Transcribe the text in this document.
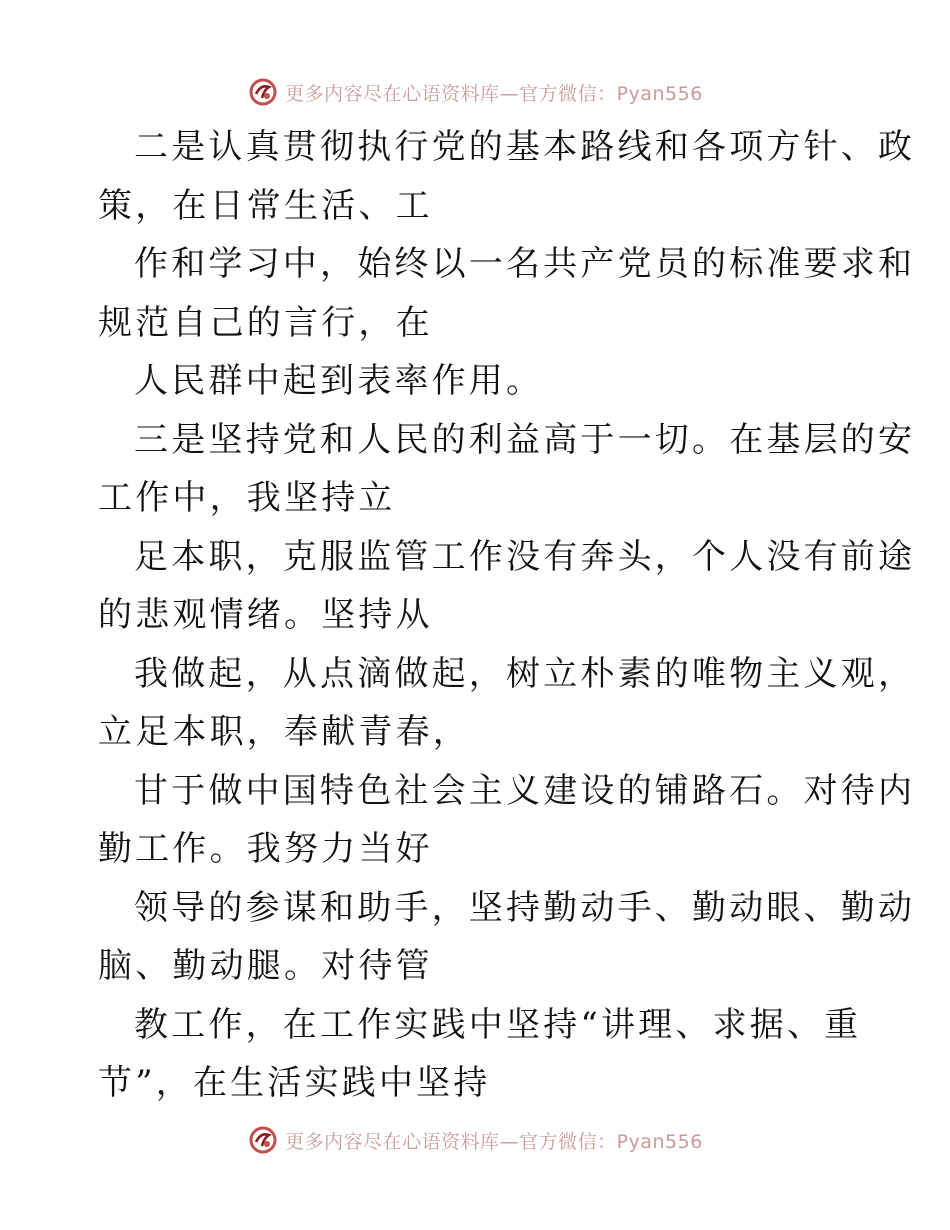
更多内容尽在心语资料库—官方微信：Pyan556
二是认真贯彻执行党的基本路线和各项方针、政
策，在日常生活、工
作和学习中，始终以一名共产党员的标准要求和
规范自己的言行，在
人民群中起到表率作用。
三是坚持党和人民的利益高于一切。在基层的安
工作中，我坚持立
足本职，克服监管工作没有奔头，个人没有前途
的悲观情绪。坚持从
我做起，从点滴做起，树立朴素的唯物主义观，
立足本职，奉献青春，
甘于做中国特色社会主义建设的铺路石。对待内
勤工作。我努力当好
领导的参谋和助手，坚持勤动手、勤动眼、勤动
脑、勤动腿。对待管
教工作，在工作实践中坚持“讲理、求据、重
节”，在生活实践中坚持
更多内容尽在心语资料库—官方微信：Pyan556
